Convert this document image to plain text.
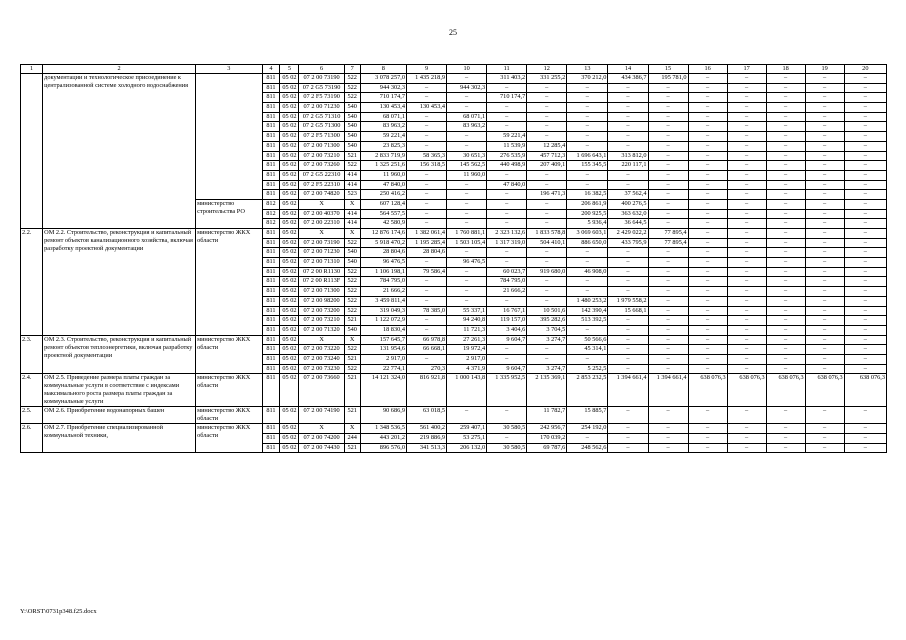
25
1	2	3	4	5	6	7	8	9	10	11	12	13	14	15	16	17	18	19	20
	документации и технологическое присоединение к централизованной системе холодного водоснабжения		811	05 02	07 2 00 73190	522	3 078 257,0	1 435 218,9	–	311 403,2	331 255,2	370 212,0	434 386,7	195 781,0	–	–	–	–	–
			811	05 02	07 2 G5 73190	522	944 302,3	–	944 302,3	–	–	–	–	–	–	–	–	–	–
			811	05 02	07 2 F5 73190	522	710 174,7	–	–	710 174,7	–	–	–	–	–	–	–	–	–
			811	05 02	07 2 00 71230	540	130 453,4	130 453,4	–	–	–	–	–	–	–	–	–	–	–
			811	05 02	07 2 G5 71310	540	68 071,1	–	68 071,1	–	–	–	–	–	–	–	–	–	–
			811	05 02	07 2 G5 71300	540	83 963,2	–	83 963,2	–	–	–	–	–	–	–	–	–	–
			811	05 02	07 2 F5 71300	540	59 221,4	–	–	59 221,4	–	–	–	–	–	–	–	–	–
			811	05 02	07 2 00 71300	540	23 825,3	–	–	11 539,9	12 285,4	–	–	–	–	–	–	–	–
			811	05 02	07 2 00 73210	521	2 833 719,9	58 365,3	30 651,3	276 535,9	457 712,3	1 696 643,1	313 812,0	–	–	–	–	–	–
			811	05 02	07 2 00 73260	522	1 325 251,6	156 318,5	145 562,5	440 498,9	207 409,1	155 345,5	220 117,1	–	–	–	–	–	–
			811	05 02	07 2 G5 22310	414	11 960,0	–	11 960,0	–	–	–	–	–	–	–	–	–	–
			811	05 02	07 2 F5 22310	414	47 840,0	–	–	47 840,0	–	–	–	–	–	–	–	–	–
			811	05 02	07 2 00 74820	523	250 416,2	–	–	–	196 471,3	16 382,5	37 562,4	–	–	–	–	–	–
		министерство строительства РО	812	05 02	X	X	607 128,4	–	–	–	–	206 861,9	400 276,5	–	–	–	–	–	–
			812	05 02	07 2 00 40370	414	564 557,5	–	–	–	–	200 925,5	363 632,0	–	–	–	–	–	–
			812	05 02	07 2 00 22310	414	42 580,9	–	–	–	–	5 936,4	36 644,5	–	–	–	–	–	–
2.2.	ОМ 2.2. Строительство, реконструкция и капитальный ремонт объектов канализационного хозяйства, включая разработку проектной документации	министерство ЖКХ области	811	05 02	X	X	12 876 174,6	1 382 061,4	1 760 881,1	2 323 132,6	1 833 578,8	3 069 603,1	2 429 022,2	77 895,4	–	–	–	–	–
			811	05 02	07 2 00 73190	522	5 918 470,2	1 195 285,4	1 503 105,4	1 317 319,0	504 410,1	886 650,0	433 795,9	77 895,4	–	–	–	–	–
			811	05 02	07 2 00 71230	540	28 804,6	28 804,6	–	–	–	–	–	–	–	–	–	–	–
			811	05 02	07 2 00 71310	540	96 476,5	–	96 476,5	–	–	–	–	–	–	–	–	–	–
			811	05 02	07 2 00 R1130	522	1 106 198,1	79 586,4	–	60 023,7	919 680,0	46 908,0	–	–	–	–	–	–	–
			811	05 02	07 2 00 R113F	522	784 795,0	–	–	784 795,0	–	–	–	–	–	–	–	–	–
			811	05 02	07 2 00 71300	522	21 666,2	–	–	21 666,2	–	–	–	–	–	–	–	–	–
			811	05 02	07 2 00 98200	522	3 459 811,4	–	–	–	–	1 480 253,2	1 979 558,2	–	–	–	–	–	–
			811	05 02	07 2 00 73200	522	319 049,3	78 385,0	55 337,1	16 767,1	10 501,6	142 390,4	15 668,1	–	–	–	–	–	–
			811	05 02	07 2 00 73210	521	1 122 072,9	–	94 240,8	119 157,0	395 282,6	513 392,5	–	–	–	–	–	–	–
			811	05 02	07 2 00 71320	540	18 830,4	–	11 721,3	3 404,6	3 704,5	–	–	–	–	–	–	–	–
2.3.	ОМ 2.3. Строительство, реконструкция и капитальный ремонт объектов теплоэнергетики, включая разработку проектной документации	министерство ЖКХ области	811	05 02	X	X	157 645,7	66 978,8	27 261,3	9 604,7	3 274,7	50 566,6	–	–	–	–	–	–	–
			811	05 02	07 2 00 73220	522	131 954,6	66 668,1	19 972,4	–	–	45 314,1	–	–	–	–	–	–	–
			811	05 02	07 2 00 73240	521	2 917,0	–	2 917,0	–	–	–	–	–	–	–	–	–	–
			811	05 02	07 2 00 73230	522	22 774,1	270,3	4 371,9	9 604,7	3 274,7	5 252,5	–	–	–	–	–	–	–
2.4.	ОМ 2.5. Приведение размера платы граждан за коммунальные услуги в соответствие с индексами максимального роста размера платы граждан за коммунальные услуги	министерство ЖКХ области	811	05 02	07 2 00 73660	521	14 121 324,0	816 921,8	1 000 143,8	1 335 952,5	2 135 369,1	2 853 232,5	1 394 661,4	1 394 661,4	638 076,3	638 076,3	638 076,3	638 076,3	638 076,3
2.5.	ОМ 2.6. Приобретение водонапорных башен	министерство ЖКХ области	811	05 02	07 2 00 74190	521	90 686,9	63 018,5	–	–	11 782,7	15 885,7	–	–	–	–	–	–	–
2.6.	ОМ 2.7. Приобретение специализированной коммунальной техники,	министерство ЖКХ области	811	05 02	X	X	1 348 536,5	561 400,2	259 407,1	30 580,5	242 956,7	254 192,0	–	–	–	–	–	–	–
			811	05 02	07 2 00 74200	244	443 201,2	219 886,9	53 275,1	–	170 039,2	–	–	–	–	–	–	–	–
			811	05 02	07 2 00 74430	521	896 576,0	341 513,3	206 132,0	30 580,5	69 787,6	248 562,6	–	–	–	–	–	–	–
Y:\ORST\0731p348.f25.docx
